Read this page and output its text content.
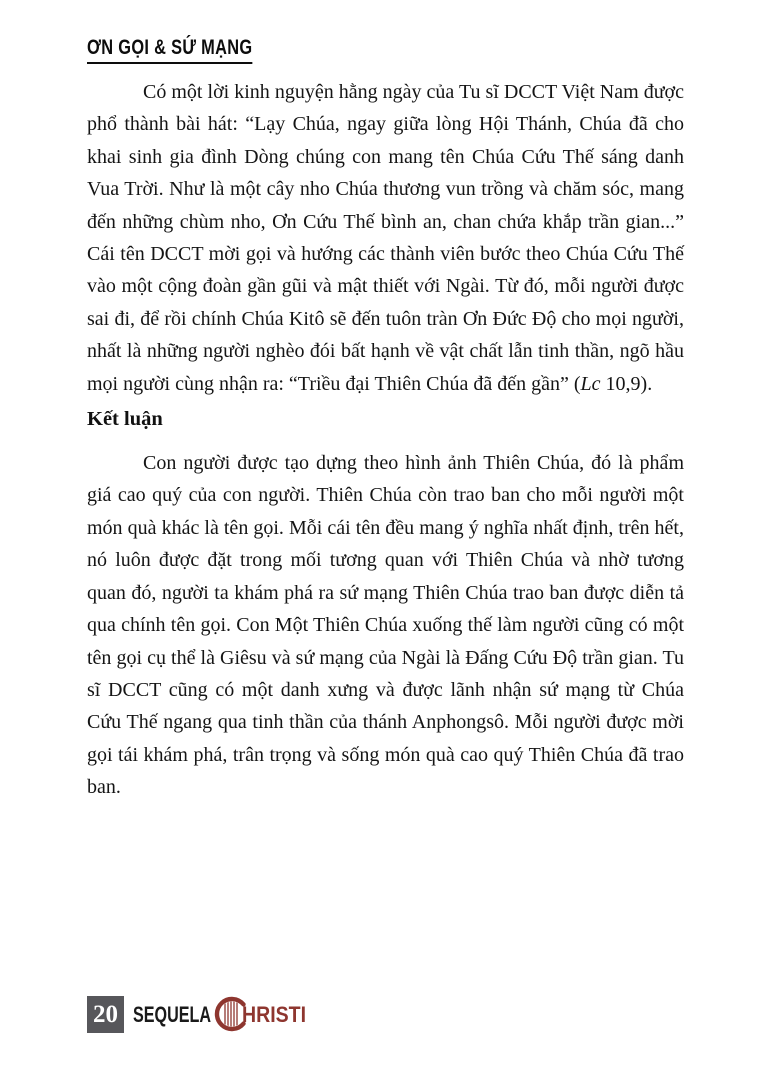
ƠN GỌI & SỨ MẠNG

Có một lời kinh nguyện hằng ngày của Tu sĩ DCCT Việt Nam được phổ thành bài hát: “Lạy Chúa, ngay giữa lòng Hội Thánh, Chúa đã cho khai sinh gia đình Dòng chúng con mang tên Chúa Cứu Thế sáng danh Vua Trời. Như là một cây nho Chúa thương vun trồng và chăm sóc, mang đến những chùm nho, Ơn Cứu Thế bình an, chan chứa khắp trần gian...” Cái tên DCCT mời gọi và hướng các thành viên bước theo Chúa Cứu Thế vào một cộng đoàn gần gũi và mật thiết với Ngài. Từ đó, mỗi người được sai đi, để rồi chính Chúa Kitô sẽ đến tuôn tràn Ơn Đức Độ cho mọi người, nhất là những người nghèo đói bất hạnh về vật chất lẫn tinh thần, ngõ hầu mọi người cùng nhận ra: “Triều đại Thiên Chúa đã đến gần” (Lc 10,9).

Kết luận

Con người được tạo dựng theo hình ảnh Thiên Chúa, đó là phẩm giá cao quý của con người. Thiên Chúa còn trao ban cho mỗi người một món quà khác là tên gọi. Mỗi cái tên đều mang ý nghĩa nhất định, trên hết, nó luôn được đặt trong mối tương quan với Thiên Chúa và nhờ tương quan đó, người ta khám phá ra sứ mạng Thiên Chúa trao ban được diễn tả qua chính tên gọi. Con Một Thiên Chúa xuống thế làm người cũng có một tên gọi cụ thể là Giêsu và sứ mạng của Ngài là Đấng Cứu Độ trần gian. Tu sĩ DCCT cũng có một danh xưng và được lãnh nhận sứ mạng từ Chúa Cứu Thế ngang qua tinh thần của thánh Anphongsô. Mỗi người được mời gọi tái khám phá, trân trọng và sống món quà cao quý Thiên Chúa đã trao ban.

20 SEQUELA HRISTI
